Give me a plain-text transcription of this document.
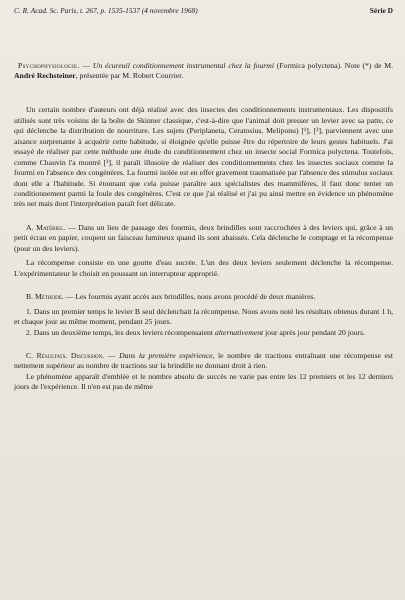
C. R. Acad. Sc. Paris, t. 267, p. 1535-1537 (4 novembre 1968)	Série D
Psychophysiologie. — Un écureuil conditionnement instrumental chez la fourmi (Formica polyctena). Note (*) de M. André Rechsteiner, présentée par M. Robert Courrier.

Un certain nombre d'auteurs ont déjà réalisé avec des insectes des conditionnements instrumentaux. Les dispositifs utilisés sont très voisins de la boîte de Skinner classique, c'est-à-dire que l'animal doit presser un levier avec sa patte, ce qui déclenche la distribution de nourriture. Les sujets (Periplaneta, Ceratosius, Meliponu) [¹], [²], parviennent avec une aisance surprenante à acquérir cette habitude, si éloignée qu'elle puisse être du répertoire de leurs gestes habituels. J'ai essayé de réaliser par cette méthode une étude du conditionnement chez un insecte social Formica polyctena. Toutefois, comme Chauvin l'a montré [³], il paraît illusoire de réaliser des conditionnements chez les insectes sociaux comme la fourmi en l'absence des congénères. La fourmi isolée est en effet gravement traumatisée par l'absence des stimulus sociaux dont elle a l'habitude. Si étonnant que cela puisse paraître aux spécialistes des mammifères, il faut donc tenter un conditionnement parmi la foule des congénères. C'est ce que j'ai réalisé et j'ai pu ainsi mettre en évidence un phénomène très net mais dont l'interprétation paraît fort délicate.

A. Matériel. — Dans un lieu de passage des fourmis, deux brindilles sont raccrochées à des leviers qui, grâce à un petit écran en papier, coupent un faisceau lumineux quand ils sont abaissés. Cela déclenche le comptage et la récompense (pour un des leviers).

La récompense consiste en une goutte d'eau sucrée. L'un des deux leviers seulement déclenche la récompense. L'expérimentateur le choisit en poussant un interrupteur approprié.

B. Méthode. — Les fourmis ayant accès aux brindilles, nous avons procédé de deux manières.

1. Dans un premier temps le levier B seul déclenchait la récompense. Nous avons noté les résultats obtenus durant 1 h, et chaque jour au même moment, pendant 25 jours.

2. Dans un deuxième temps, les deux leviers récompensaient alternativement jour après jour pendant 20 jours.

C. Résultats. Discussion. — Dans la première expérience, le nombre de tractions entraînant une récompense est nettement supérieur au nombre de tractions sur la brindille ne donnant droit à rien.

Le phénomène apparaît d'emblée et le nombre absolu de succès ne varie pas entre les 12 premiers et les 12 derniers jours de l'expérience. Il n'en est pas de même
